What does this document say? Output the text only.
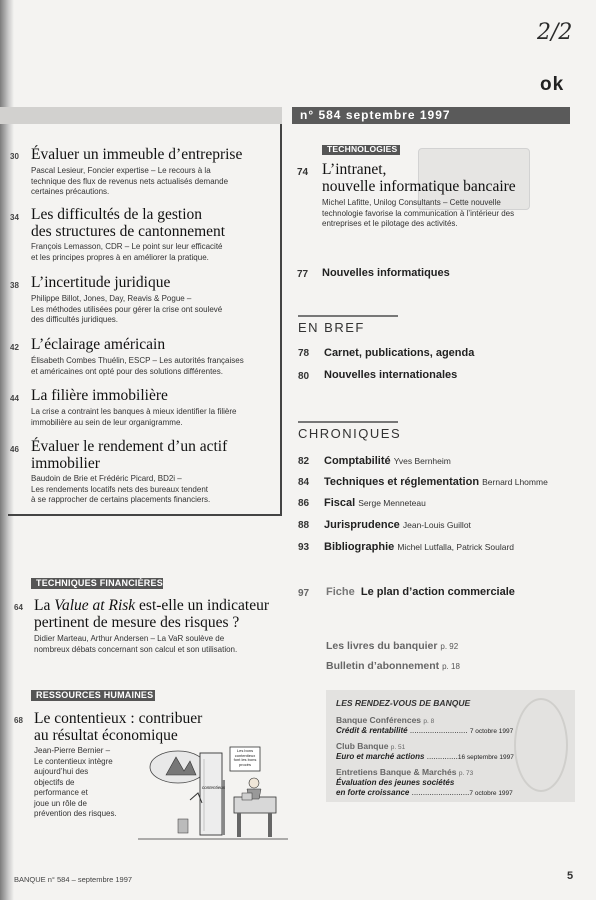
2/2
ok
n° 584 septembre 1997
30 Évaluer un immeuble d’entreprise
Pascal Lesieur, Foncier expertise – Le recours à la
technique des flux de revenus nets actualisés demande
certaines précautions.
34 Les difficultés de la gestion
des structures de cantonnement
François Lemasson, CDR – Le point sur leur efficacité
et les principes propres à en améliorer la pratique.
38 L’incertitude juridique
Philippe Billot, Jones, Day, Reavis & Pogue –
Les méthodes utilisées pour gérer la crise ont soulevé
des difficultés juridiques.
42 L’éclairage américain
Élisabeth Combes Thuélin, ESCP – Les autorités françaises
et américaines ont opté pour des solutions différentes.
44 La filière immobilière
La crise a contraint les banques à mieux identifier la filière
immobilière au sein de leur organigramme.
46 Évaluer le rendement d’un actif
immobilier
Baudoin de Brie et Frédéric Picard, BD2i –
Les rendements locatifs nets des bureaux tendent
à se rapprocher de certains placements financiers.
TECHNIQUES FINANCIÈRES
64 La Value at Risk est-elle un indicateur
pertinent de mesure des risques ?
Didier Marteau, Arthur Andersen – La VaR soulève de
nombreux débats concernant son calcul et son utilisation.
RESSOURCES HUMAINES
68 Le contentieux : contribuer
au résultat économique
Jean-Pierre Bernier –
Le contentieux intègre
aujourd’hui des
objectifs de
performance et
joue un rôle de
prévention des risques.
Les bons
contentieux
font les bons
procès
contentieux
TECHNOLOGIES
74 L’intranet,
nouvelle informatique bancaire
Michel Lafitte, Unilog Consultants – Cette nouvelle
technologie favorise la communication à l’intérieur des
entreprises et le pilotage des activités.
77 Nouvelles informatiques
EN BREF
78 Carnet, publications, agenda
80 Nouvelles internationales
CHRONIQUES
82 Comptabilité Yves Bernheim
84 Techniques et réglementation Bernard Lhomme
86 Fiscal Serge Menneteau
88 Jurisprudence Jean-Louis Guillot
93 Bibliographie Michel Lutfalla, Patrick Soulard
97 Fiche Le plan d’action commerciale
Les livres du banquier p. 92
Bulletin d’abonnement p. 18
LES RENDEZ-VOUS DE BANQUE
Banque Conférences p. 8
Crédit & rentabilité .......................... 7 octobre 1997
Club Banque p. 51
Euro et marché actions ..............16 septembre 1997
Entretiens Banque & Marchés p. 73
Évaluation des jeunes sociétés
en forte croissance ..........................7 octobre 1997
BANQUE n° 584 – septembre 1997	5
